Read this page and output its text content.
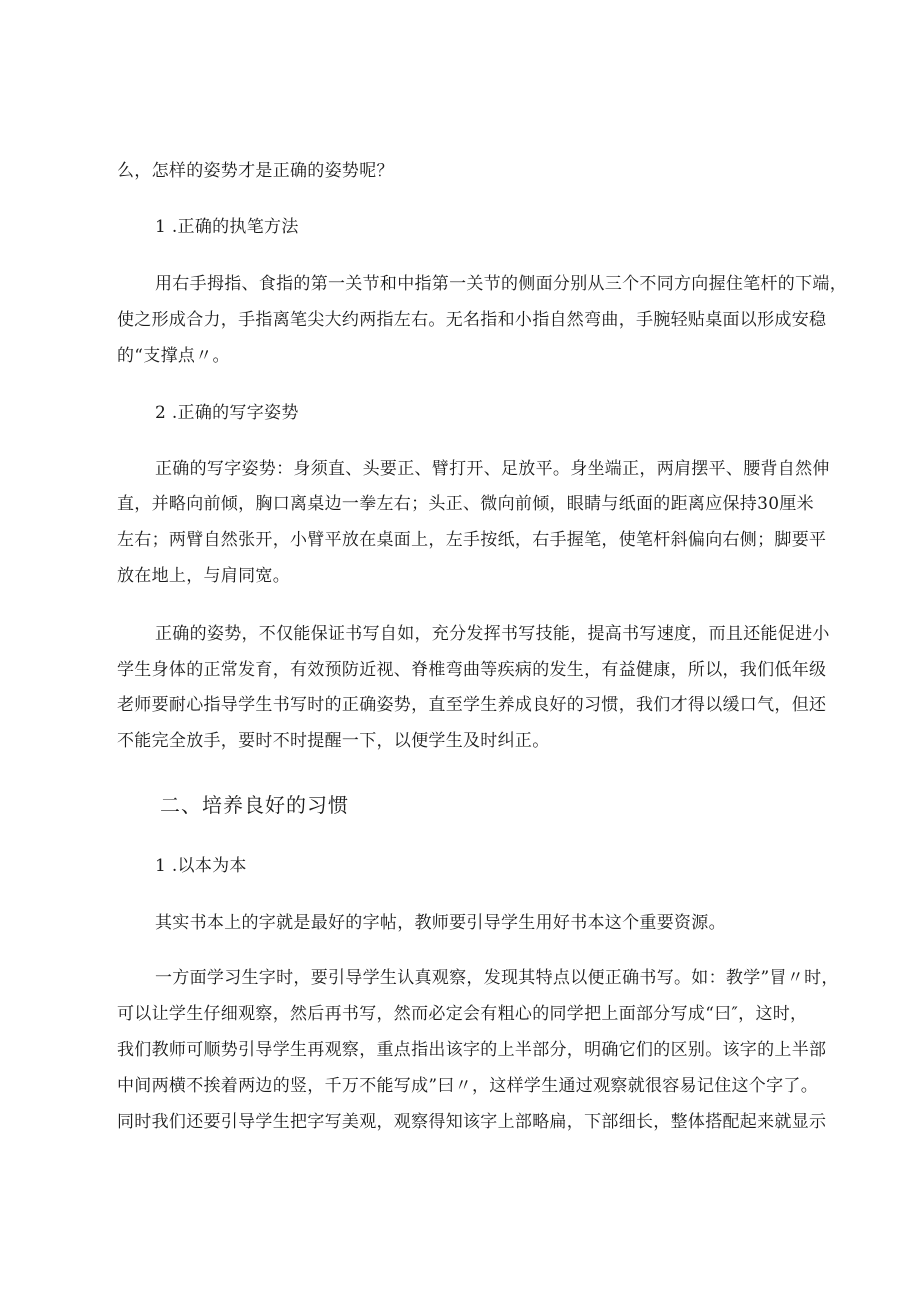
么，怎样的姿势才是正确的姿势呢？
1 .正确的执笔方法
用右手拇指、食指的第一关节和中指第一关节的侧面分别从三个不同方向握住笔杆的下端，
使之形成合力，手指离笔尖大约两指左右。无名指和小指自然弯曲，手腕轻贴桌面以形成安稳
的“支撑点〃。
2 .正确的写字姿势
正确的写字姿势：身须直、头要正、臂打开、足放平。身坐端正，两肩摆平、腰背自然伸
直，并略向前倾，胸口离桌边一拳左右；头正、微向前倾，眼睛与纸面的距离应保持30厘米
左右；两臂自然张开，小臂平放在桌面上，左手按纸，右手握笔，使笔杆斜偏向右侧；脚要平
放在地上，与肩同宽。
正确的姿势，不仅能保证书写自如，充分发挥书写技能，提高书写速度，而且还能促进小
学生身体的正常发育，有效预防近视、脊椎弯曲等疾病的发生，有益健康，所以，我们低年级
老师要耐心指导学生书写时的正确姿势，直至学生养成良好的习惯，我们才得以缓口气，但还
不能完全放手，要时不时提醒一下，以便学生及时纠正。
二、培养良好的习惯
1 .以本为本
其实书本上的字就是最好的字帖，教师要引导学生用好书本这个重要资源。
一方面学习生字时，要引导学生认真观察，发现其特点以便正确书写。如：教学”冒〃时，
可以让学生仔细观察，然后再书写，然而必定会有粗心的同学把上面部分写成“曰″，这时，
我们教师可顺势引导学生再观察，重点指出该字的上半部分，明确它们的区别。该字的上半部
中间两横不挨着两边的竖，千万不能写成”曰〃，这样学生通过观察就很容易记住这个字了。
同时我们还要引导学生把字写美观，观察得知该字上部略扁，下部细长，整体搭配起来就显示
